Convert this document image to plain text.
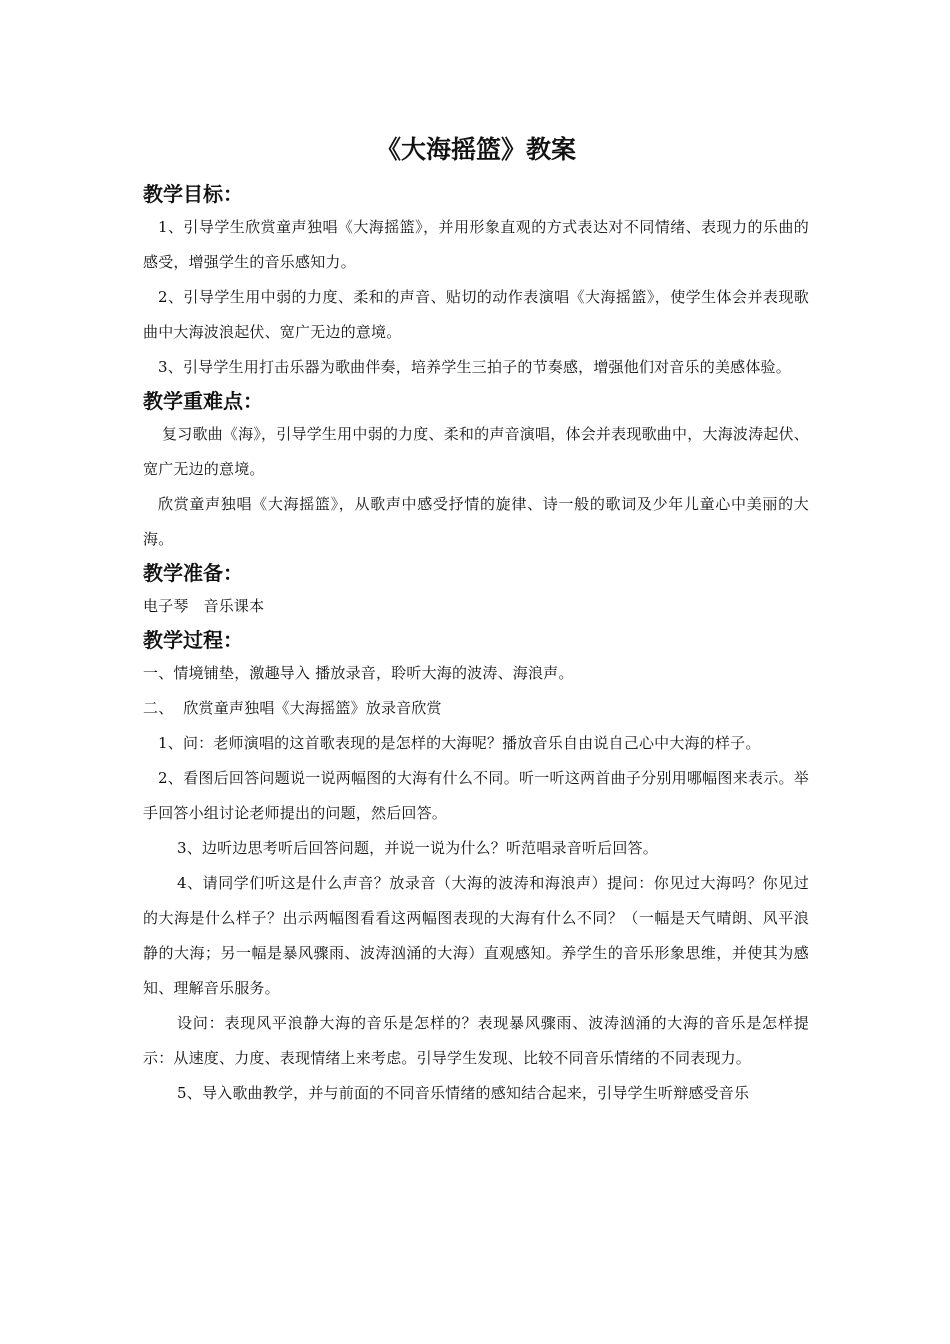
《大海摇篮》教案
教学目标：

1、引导学生欣赏童声独唱《大海摇篮》，并用形象直观的方式表达对不同情绪、表现力的乐曲的感受，增强学生的音乐感知力。

2、引导学生用中弱的力度、柔和的声音、贴切的动作表演唱《大海摇篮》，使学生体会并表现歌曲中大海波浪起伏、宽广无边的意境。

3、引导学生用打击乐器为歌曲伴奏，培养学生三拍子的节奏感，增强他们对音乐的美感体验。

教学重难点：

复习歌曲《海》，引导学生用中弱的力度、柔和的声音演唱，体会并表现歌曲中，大海波涛起伏、宽广无边的意境。

欣赏童声独唱《大海摇篮》，从歌声中感受抒情的旋律、诗一般的歌词及少年儿童心中美丽的大海。

教学准备：

电子琴   音乐课本

教学过程：

一、情境铺垫，激趣导入 播放录音，聆听大海的波涛、海浪声。

二、  欣赏童声独唱《大海摇篮》放录音欣赏

1、问：老师演唱的这首歌表现的是怎样的大海呢？播放音乐自由说自己心中大海的样子。

2、看图后回答问题说一说两幅图的大海有什么不同。听一听这两首曲子分别用哪幅图来表示。举手回答小组讨论老师提出的问题，然后回答。

3、边听边思考听后回答问题，并说一说为什么？听范唱录音听后回答。

4、请同学们听这是什么声音？放录音（大海的波涛和海浪声）提问：你见过大海吗？你见过的大海是什么样子？出示两幅图看看这两幅图表现的大海有什么不同？（一幅是天气晴朗、风平浪静的大海；另一幅是暴风骤雨、波涛汹涌的大海）直观感知。养学生的音乐形象思维，并使其为感知、理解音乐服务。

设问：表现风平浪静大海的音乐是怎样的？表现暴风骤雨、波涛汹涌的大海的音乐是怎样提示：从速度、力度、表现情绪上来考虑。引导学生发现、比较不同音乐情绪的不同表现力。

5、导入歌曲教学，并与前面的不同音乐情绪的感知结合起来，引导学生听辩感受音乐
